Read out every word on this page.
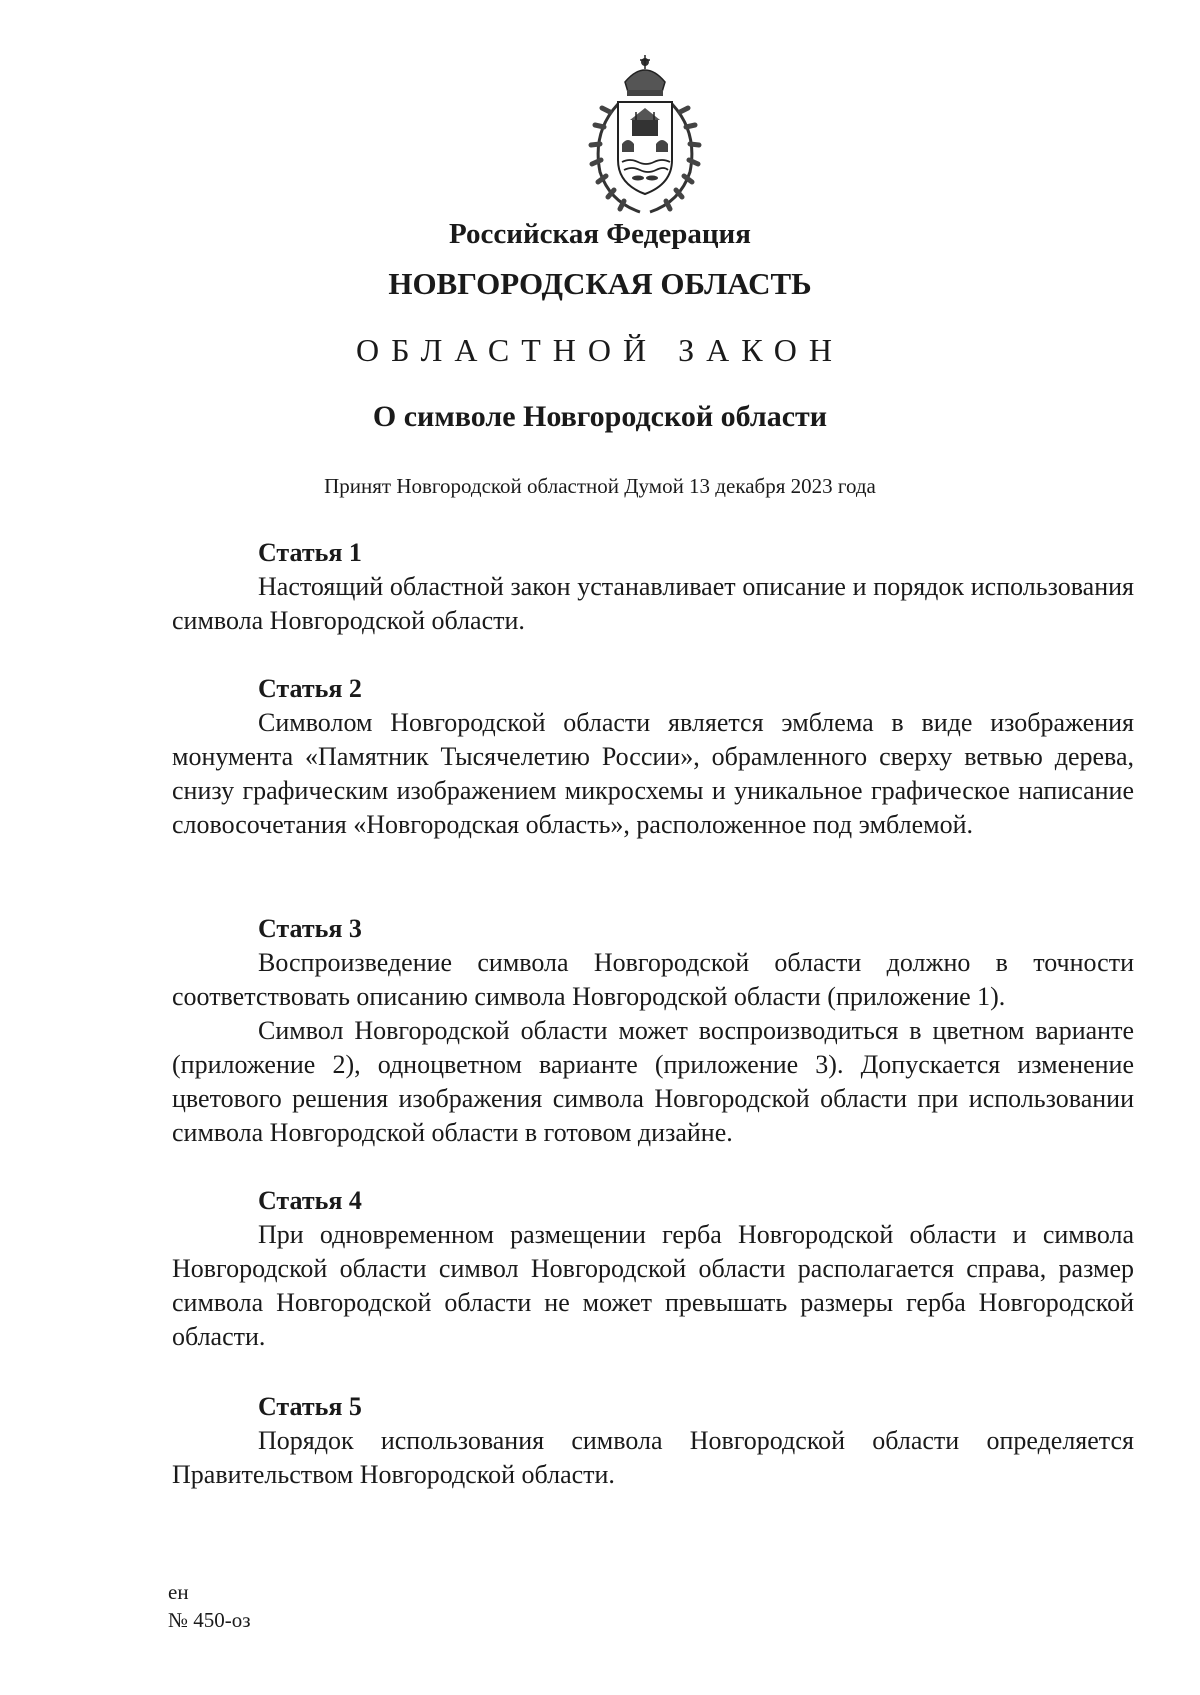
Российская Федерация
НОВГОРОДСКАЯ ОБЛАСТЬ
ОБЛАСТНОЙ ЗАКОН
О символе Новгородской области
Принят Новгородской областной Думой 13 декабря 2023 года

Статья 1

Настоящий областной закон устанавливает описание и порядок использования символа Новгородской области.

Статья 2

Символом Новгородской области является эмблема в виде изображения монумента «Памятник Тысячелетию России», обрамленного сверху ветвью дерева, снизу графическим изображением микросхемы и уникальное графическое написание словосочетания «Новгородская область», расположенное под эмблемой.

Статья 3

Воспроизведение символа Новгородской области должно в точности соответствовать описанию символа Новгородской области (приложение 1).

Символ Новгородской области может воспроизводиться в цветном варианте (приложение 2), одноцветном варианте (приложение 3). Допускается изменение цветового решения изображения символа Новгородской области при использовании символа Новгородской области в готовом дизайне.

Статья 4

При одновременном размещении герба Новгородской области и символа Новгородской области символ Новгородской области располагается справа, размер символа Новгородской области не может превышать размеры герба Новгородской области.

Статья 5

Порядок использования символа Новгородской области определяется Правительством Новгородской области.

ен
№ 450-оз
